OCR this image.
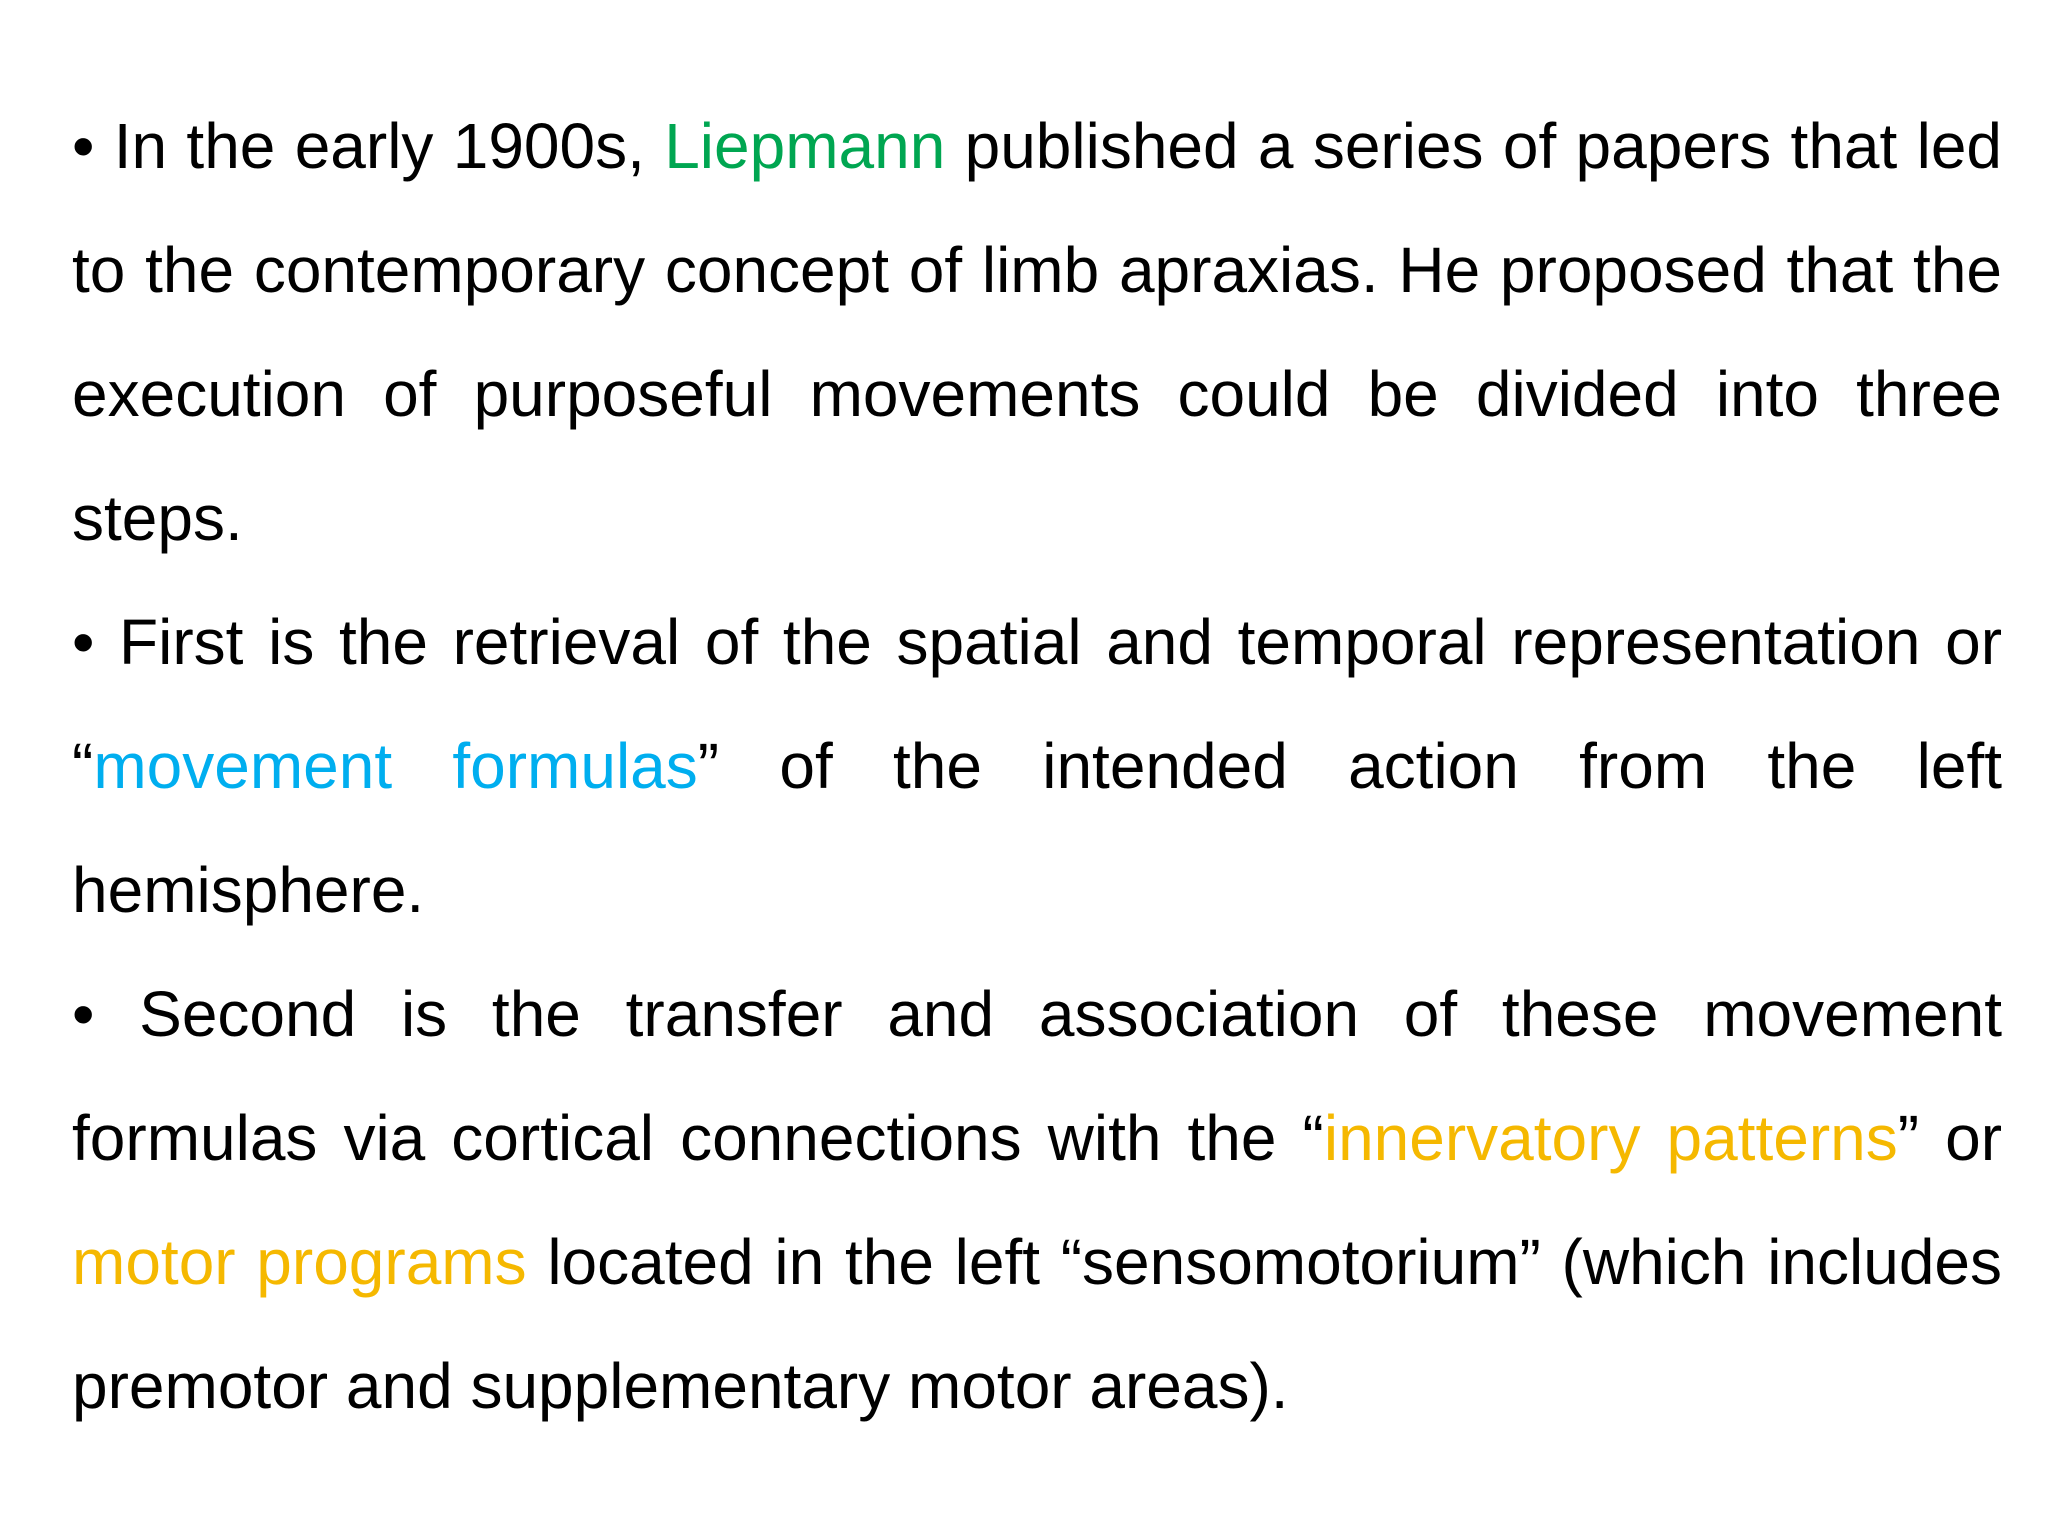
• In the early 1900s, Liepmann published a series of papers that led to the contemporary concept of limb apraxias. He proposed that the execution of purposeful movements could be divided into three steps.

• First is the retrieval of the spatial and temporal representation or “movement formulas” of the intended action from the left hemisphere.

• Second is the transfer and association of these movement formulas via cortical connections with the “innervatory patterns” or motor programs located in the left “sensomotorium” (which includes premotor and supplementary motor areas).
